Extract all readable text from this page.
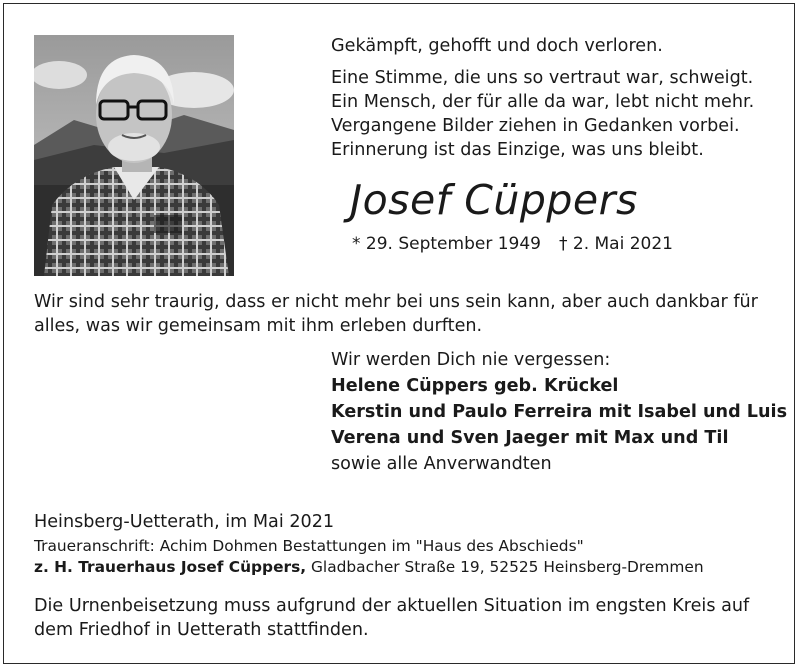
Gekämpft, gehofft und doch verloren.
Eine Stimme, die uns so vertraut war, schweigt.
Ein Mensch, der für alle da war, lebt nicht mehr.
Vergangene Bilder ziehen in Gedanken vorbei.
Erinnerung ist das Einzige, was uns bleibt.
Josef Cüppers
* 29. September 1949 † 2. Mai 2021
Wir sind sehr traurig, dass er nicht mehr bei uns sein kann, aber auch dankbar für
alles, was wir gemeinsam mit ihm erleben durften.
Wir werden Dich nie vergessen:
Helene Cüppers geb. Krückel
Kerstin und Paulo Ferreira mit Isabel und Luis
Verena und Sven Jaeger mit Max und Til
sowie alle Anverwandten
Heinsberg-Uetterath, im Mai 2021
Traueranschrift: Achim Dohmen Bestattungen im "Haus des Abschieds"
z. H. Trauerhaus Josef Cüppers, Gladbacher Straße 19, 52525 Heinsberg-Dremmen
Die Urnenbeisetzung muss aufgrund der aktuellen Situation im engsten Kreis auf
dem Friedhof in Uetterath stattfinden.
